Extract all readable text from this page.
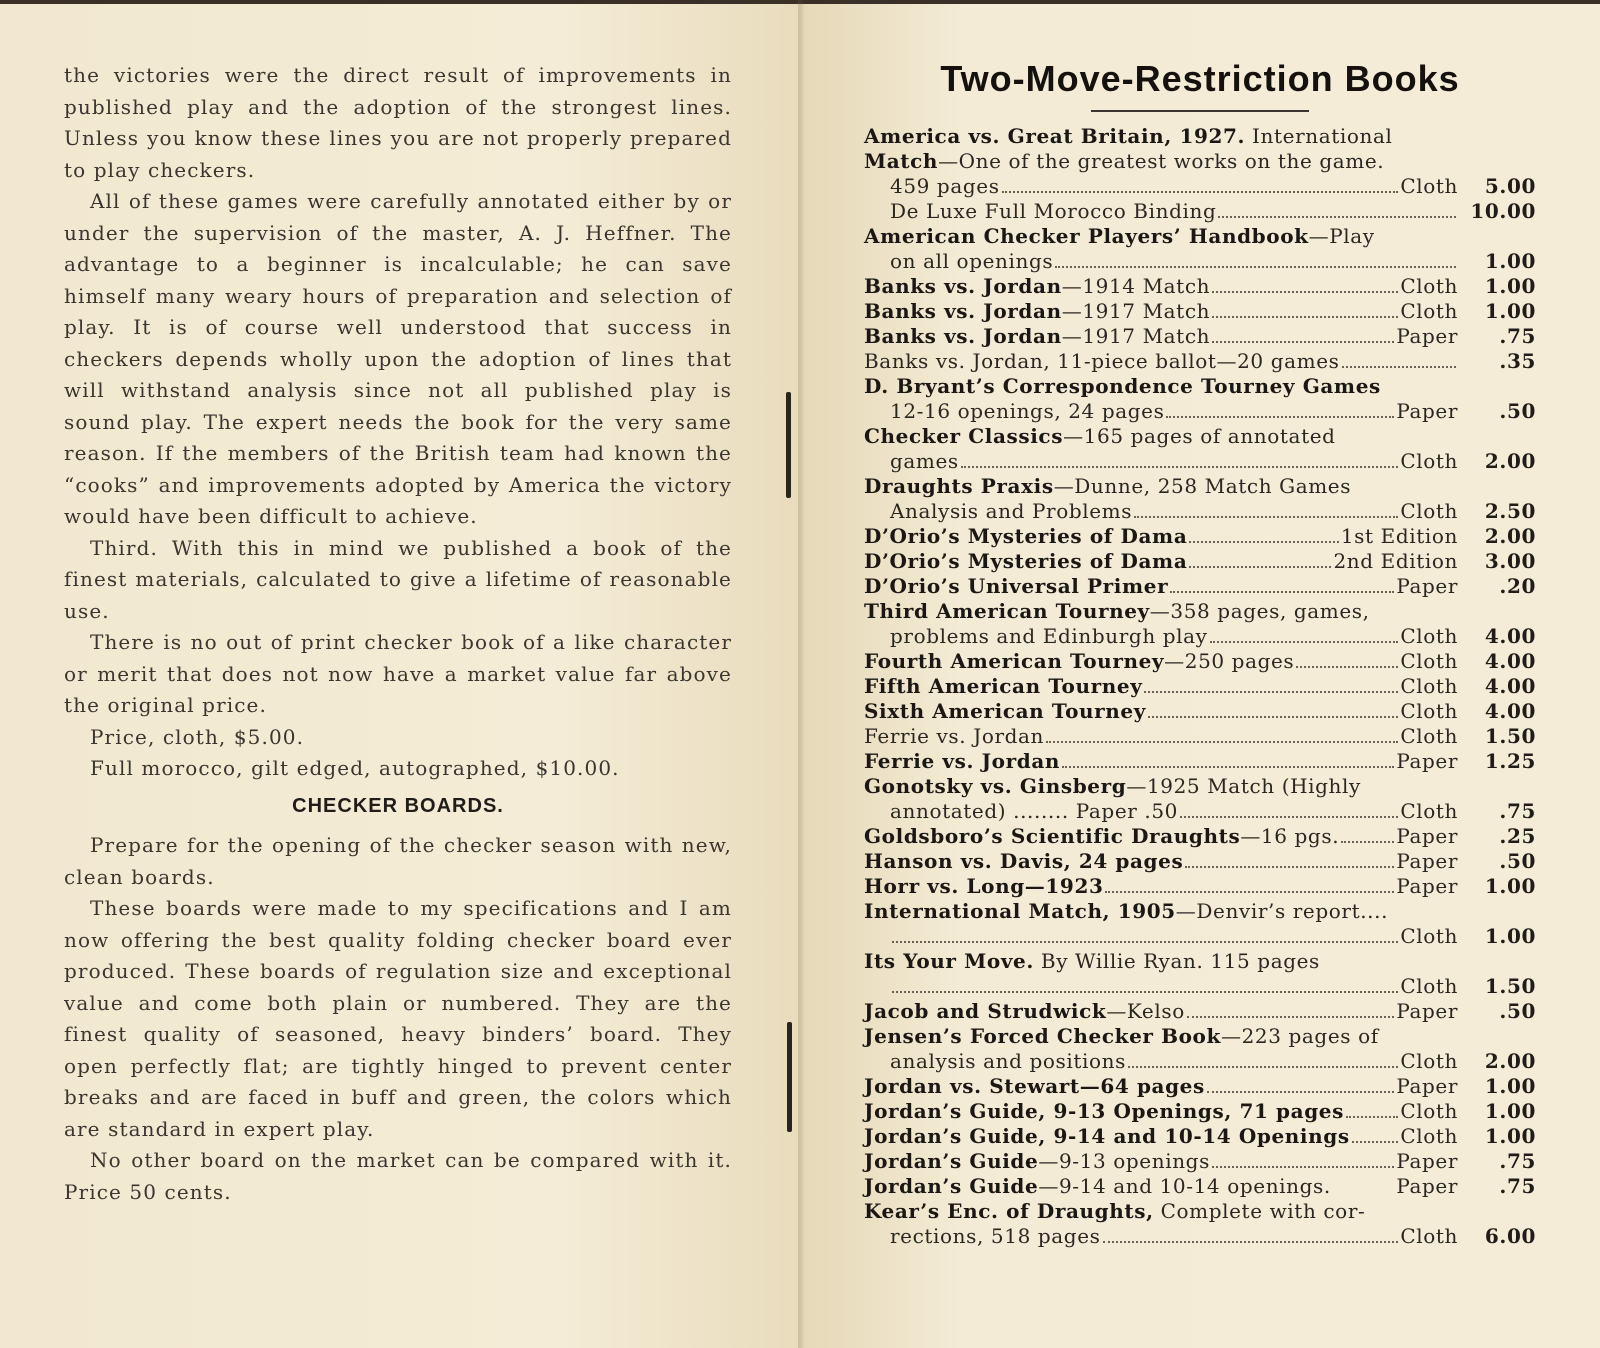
the victories were the direct result of improvements in published play and the adoption of the strongest lines. Unless you know these lines you are not properly prepared to play checkers.

All of these games were carefully annotated either by or under the supervision of the master, A. J. Heffner. The advantage to a beginner is incalculable; he can save himself many weary hours of preparation and selection of play. It is of course well understood that success in checkers depends wholly upon the adoption of lines that will withstand analysis since not all published play is sound play. The expert needs the book for the very same reason. If the members of the British team had known the “cooks” and improvements adopted by America the victory would have been difficult to achieve.

Third. With this in mind we published a book of the finest materials, calculated to give a lifetime of reasonable use.

There is no out of print checker book of a like character or merit that does not now have a market value far above the original price.

Price, cloth, $5.00.

Full morocco, gilt edged, autographed, $10.00.

CHECKER BOARDS.

Prepare for the opening of the checker season with new, clean boards.

These boards were made to my specifications and I am now offering the best quality folding checker board ever produced. These boards of regulation size and exceptional value and come both plain or numbered. They are the finest quality of seasoned, heavy binders’ board. They open perfectly flat; are tightly hinged to prevent center breaks and are faced in buff and green, the colors which are standard in expert play.

No other board on the market can be compared with it. Price 50 cents.

Two-Move-Restriction Books
America vs. Great Britain, 1927. International
Match—One of the greatest works on the game.
459 pages	Cloth	5.00
De Luxe Full Morocco Binding	10.00
American Checker Players’ Handbook—Play
on all openings	1.00
Banks vs. Jordan—1914 Match	Cloth	1.00
Banks vs. Jordan—1917 Match	Cloth	1.00
Banks vs. Jordan—1917 Match	Paper	.75
Banks vs. Jordan, 11-piece ballot—20 games	.35
D. Bryant’s Correspondence Tourney Games
12-16 openings, 24 pages	Paper	.50
Checker Classics—165 pages of annotated
games	Cloth	2.00
Draughts Praxis—Dunne, 258 Match Games
Analysis and Problems	Cloth	2.50
D’Orio’s Mysteries of Dama	1st Edition	2.00
D’Orio’s Mysteries of Dama	2nd Edition	3.00
D’Orio’s Universal Primer	Paper	.20
Third American Tourney—358 pages, games,
problems and Edinburgh play	Cloth	4.00
Fourth American Tourney—250 pages	Cloth	4.00
Fifth American Tourney	Cloth	4.00
Sixth American Tourney	Cloth	4.00
Ferrie vs. Jordan	Cloth	1.50
Ferrie vs. Jordan	Paper	1.25
Gonotsky vs. Ginsberg—1925 Match (Highly
annotated) ........ Paper .50	Cloth	.75
Goldsboro’s Scientific Draughts—16 pgs.	Paper	.25
Hanson vs. Davis, 24 pages	Paper	.50
Horr vs. Long—1923	Paper	1.00
International Match, 1905—Denvir’s report....
Cloth	1.00
Its Your Move. By Willie Ryan. 115 pages
Cloth	1.50
Jacob and Strudwick—Kelso	Paper	.50
Jensen’s Forced Checker Book—223 pages of
analysis and positions	Cloth	2.00
Jordan vs. Stewart—64 pages	Paper	1.00
Jordan’s Guide, 9-13 Openings, 71 pages	Cloth	1.00
Jordan’s Guide, 9-14 and 10-14 Openings	Cloth	1.00
Jordan’s Guide—9-13 openings	Paper	.75
Jordan’s Guide—9-14 and 10-14 openings.	Paper	.75
Kear’s Enc. of Draughts, Complete with cor-
rections, 518 pages	Cloth	6.00
